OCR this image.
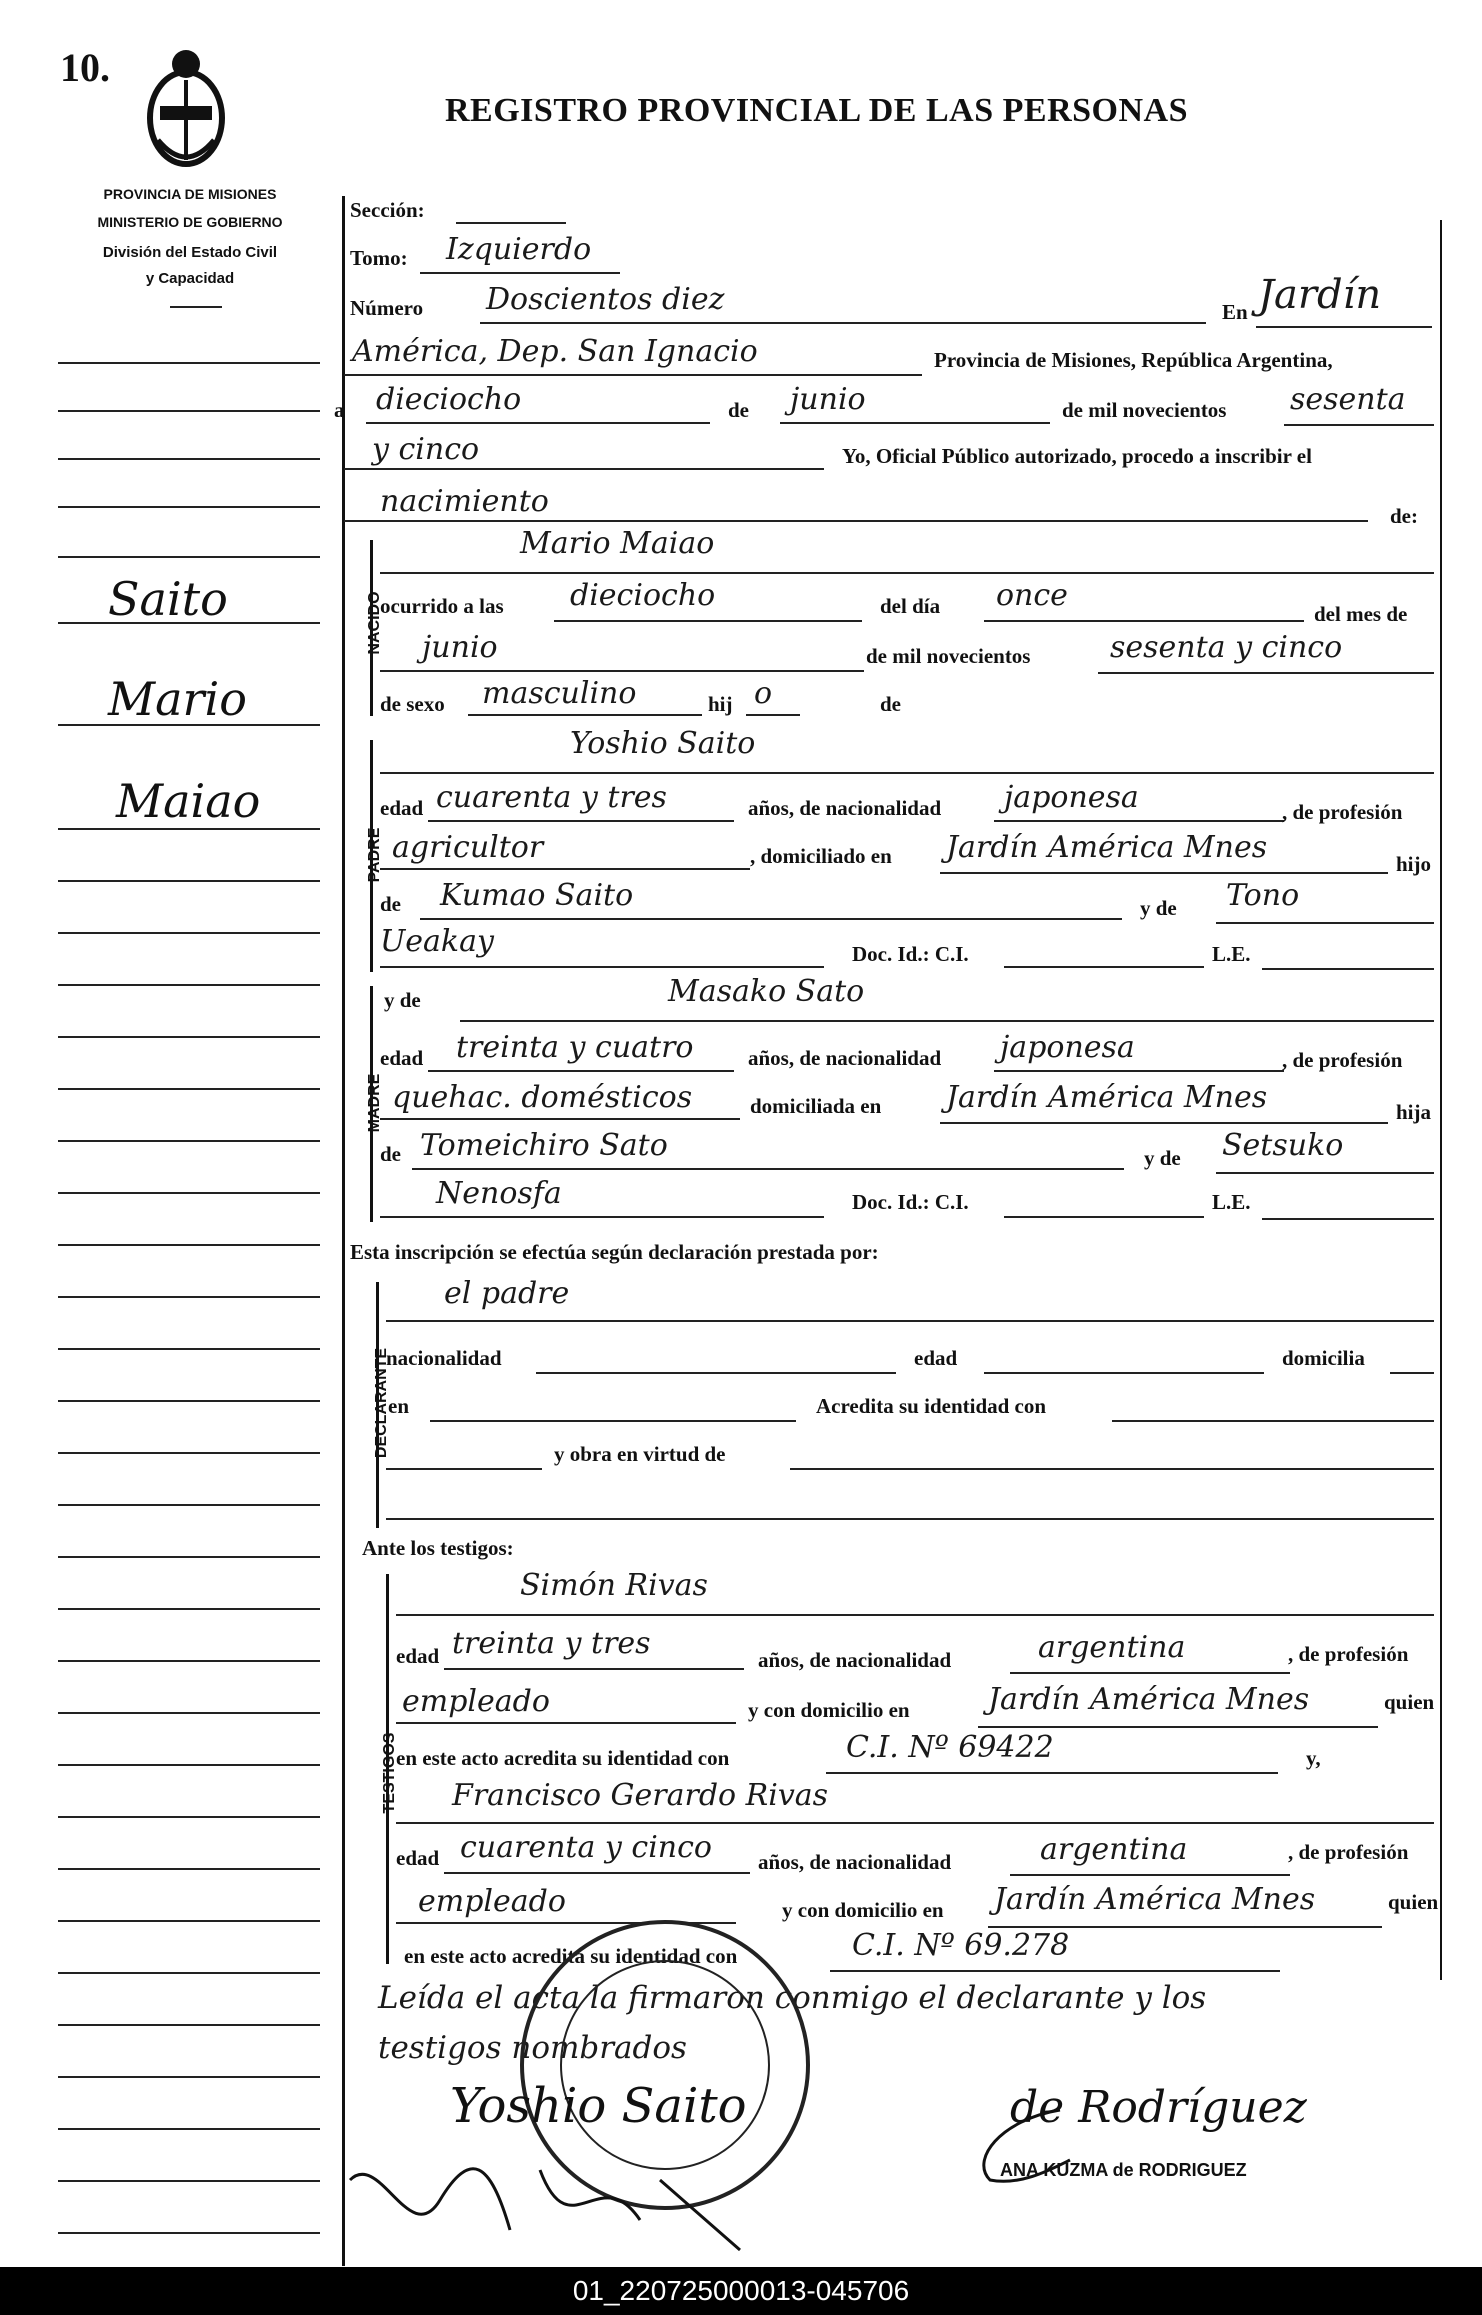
10.
REGISTRO PROVINCIAL DE LAS PERSONAS
PROVINCIA DE MISIONES
MINISTERIO DE GOBIERNO
División del Estado Civil
y Capacidad
Saito
Mario
Maiao
Sección:
Tomo: Izquierdo
Número Doscientos diez	En Jardín
América, Dep. San Ignacio	Provincia de Misiones, República Argentina,
a dieciocho	de junio	de mil novecientos sesenta
y cinco	Yo, Oficial Público autorizado, procedo a inscribir el
nacimiento	de:
NACIDO
Mario Maiao
ocurrido a las dieciocho	del día once
del mes de
junio	de mil novecientos	sesenta y cinco
de sexo masculino	hij o	de
PADRE
Yoshio Saito
edad cuarenta y tres	años, de nacionalidad japonesa	, de profesión
agricultor	, domiciliado en Jardín América Mnes	hijo
de Kumao Saito	y de Tono
Ueakay	Doc. Id.: C.I.	L.E.
MADRE
y de	Masako Sato
edad treinta y cuatro	años, de nacionalidad japonesa	, de profesión
quehac. domésticos	domiciliada en Jardín América Mnes	hija
de Tomeichiro Sato	y de Setsuko
Nenosfa	Doc. Id.: C.I.	L.E.
Esta inscripción se efectúa según declaración prestada por:
DECLARANTE
el padre
nacionalidad	edad	domicilia
en	Acredita su identidad con
y obra en virtud de
Ante los testigos:
TESTIGOS
Simón Rivas
edad treinta y tres	años, de nacionalidad	argentina	, de profesión
empleado	y con domicilio en	Jardín América Mnes	quien
en este acto acredita su identidad con	C.I. Nº 69422	y,
Francisco Gerardo Rivas
edad cuarenta y cinco años, de nacionalidad	argentina	, de profesión
empleado	y con domicilio en Jardín América Mnes	quien
en este acto acredita su identidad con	C.I. Nº 69.278
Leída el acta la firmaron conmigo el declarante y los
testigos nombrados
Yoshio Saito	de Rodríguez
ANA KUZMA de RODRIGUEZ
01_220725000013-045706
